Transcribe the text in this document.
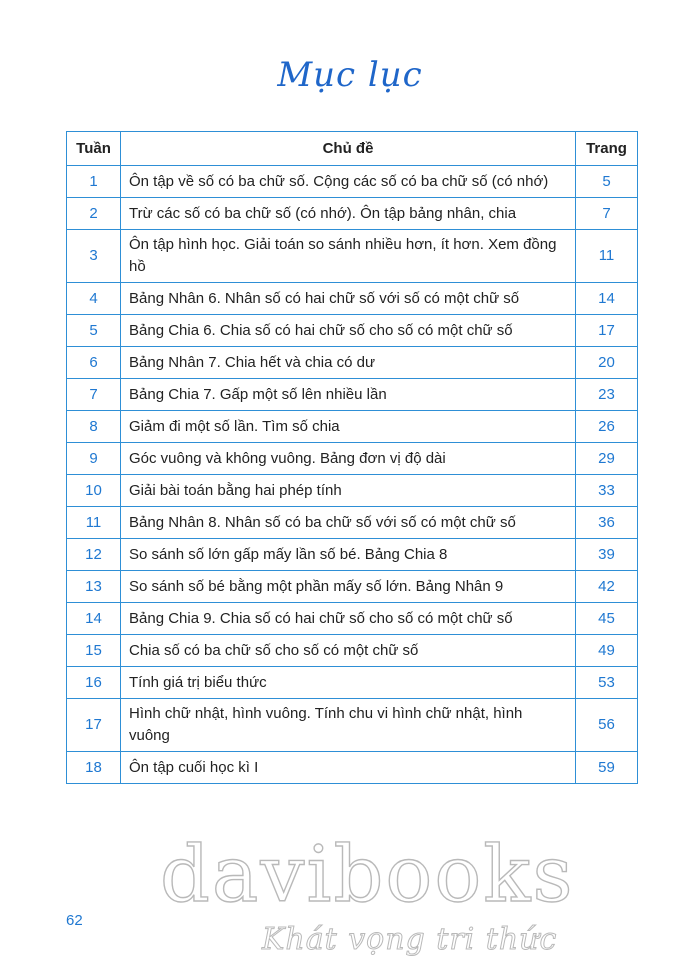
Mục lục
Tuần	Chủ đề	Trang
1	Ôn tập về số có ba chữ số. Cộng các số có ba chữ số (có nhớ)	5
2	Trừ các số có ba chữ số (có nhớ). Ôn tập bảng nhân, chia	7
3	Ôn tập hình học. Giải toán so sánh nhiều hơn, ít hơn. Xem đồng hồ	11
4	Bảng Nhân 6. Nhân số có hai chữ số với số có một chữ số	14
5	Bảng Chia 6. Chia số có hai chữ số cho số có một chữ số	17
6	Bảng Nhân 7. Chia hết và chia có dư	20
7	Bảng Chia 7. Gấp một số lên nhiều lần	23
8	Giảm đi một số lần. Tìm số chia	26
9	Góc vuông và không vuông. Bảng đơn vị độ dài	29
10	Giải bài toán bằng hai phép tính	33
11	Bảng Nhân 8. Nhân số có ba chữ số với số có một chữ số	36
12	So sánh số lớn gấp mấy lần số bé. Bảng Chia 8	39
13	So sánh số bé bằng một phần mấy số lớn. Bảng Nhân 9	42
14	Bảng Chia 9. Chia số có hai chữ số cho số có một chữ số	45
15	Chia số có ba chữ số cho số có một chữ số	49
16	Tính giá trị biểu thức	53
17	Hình chữ nhật, hình vuông. Tính chu vi hình chữ nhật, hình vuông	56
18	Ôn tập cuối học kì I	59
62
davibooks
Khát vọng tri thức
